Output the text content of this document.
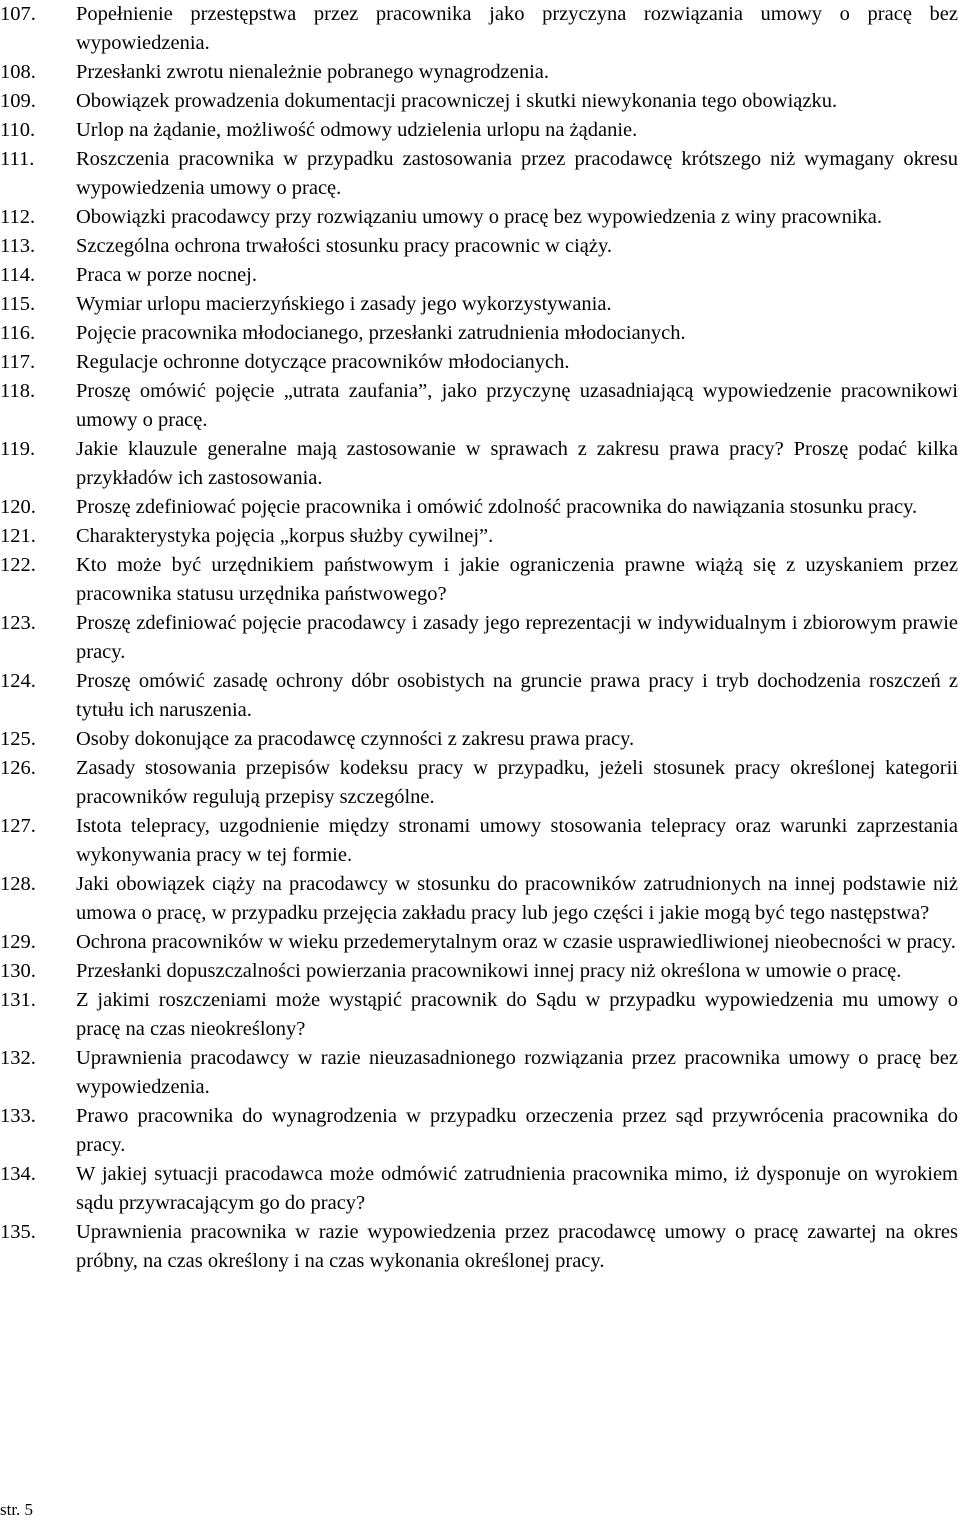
107.	Popełnienie przestępstwa przez pracownika jako przyczyna rozwiązania umowy o pracę bez wypowiedzenia.
108.	Przesłanki zwrotu nienależnie pobranego wynagrodzenia.
109.	Obowiązek prowadzenia dokumentacji pracowniczej i skutki niewykonania tego obowiązku.
110.	Urlop na żądanie, możliwość odmowy udzielenia urlopu na żądanie.
111.	Roszczenia pracownika w przypadku zastosowania przez pracodawcę krótszego niż wymagany okresu wypowiedzenia umowy o pracę.
112.	Obowiązki pracodawcy przy rozwiązaniu umowy o pracę bez wypowiedzenia z winy pracownika.
113.	Szczególna ochrona trwałości stosunku pracy pracownic w ciąży.
114.	Praca w porze nocnej.
115.	Wymiar urlopu macierzyńskiego i zasady jego wykorzystywania.
116.	Pojęcie pracownika młodocianego, przesłanki zatrudnienia młodocianych.
117.	Regulacje ochronne dotyczące pracowników młodocianych.
118.	Proszę omówić pojęcie „utrata zaufania”, jako przyczynę uzasadniającą wypowiedzenie pracownikowi umowy o pracę.
119.	Jakie klauzule generalne mają zastosowanie w sprawach z zakresu prawa pracy? Proszę podać kilka przykładów ich zastosowania.
120.	Proszę zdefiniować pojęcie pracownika i omówić zdolność pracownika do nawiązania stosunku pracy.
121.	Charakterystyka pojęcia „korpus służby cywilnej”.
122.	Kto może być urzędnikiem państwowym i jakie ograniczenia prawne wiążą się z uzyskaniem przez pracownika statusu urzędnika państwowego?
123.	Proszę zdefiniować pojęcie pracodawcy i zasady jego reprezentacji w indywidualnym i zbiorowym prawie pracy.
124.	Proszę omówić zasadę ochrony dóbr osobistych na gruncie prawa pracy i tryb dochodzenia roszczeń z tytułu ich naruszenia.
125.	Osoby dokonujące za pracodawcę czynności z zakresu prawa pracy.
126.	Zasady stosowania przepisów kodeksu pracy w przypadku, jeżeli stosunek pracy określonej kategorii pracowników regulują przepisy szczególne.
127.	Istota telepracy, uzgodnienie między stronami umowy stosowania telepracy oraz warunki zaprzestania wykonywania pracy w tej formie.
128.	Jaki obowiązek ciąży na pracodawcy w stosunku do pracowników zatrudnionych na innej podstawie niż umowa o pracę, w przypadku przejęcia zakładu pracy lub jego części i jakie mogą być tego następstwa?
129.	Ochrona pracowników w wieku przedemerytalnym oraz w czasie usprawiedliwionej nieobecności w pracy.
130.	Przesłanki dopuszczalności powierzania pracownikowi innej pracy niż określona w umowie o pracę.
131.	Z jakimi roszczeniami może wystąpić pracownik do Sądu w przypadku wypowiedzenia mu umowy o pracę na czas nieokreślony?
132.	Uprawnienia pracodawcy w razie nieuzasadnionego rozwiązania przez pracownika umowy o pracę bez wypowiedzenia.
133.	Prawo pracownika do wynagrodzenia w przypadku orzeczenia przez sąd przywrócenia pracownika do pracy.
134.	W jakiej sytuacji pracodawca może odmówić zatrudnienia pracownika mimo, iż dysponuje on wyrokiem sądu przywracającym go do pracy?
135.	Uprawnienia pracownika w razie wypowiedzenia przez pracodawcę umowy o pracę zawartej na okres próbny, na czas określony i na czas wykonania określonej pracy.
str. 5
